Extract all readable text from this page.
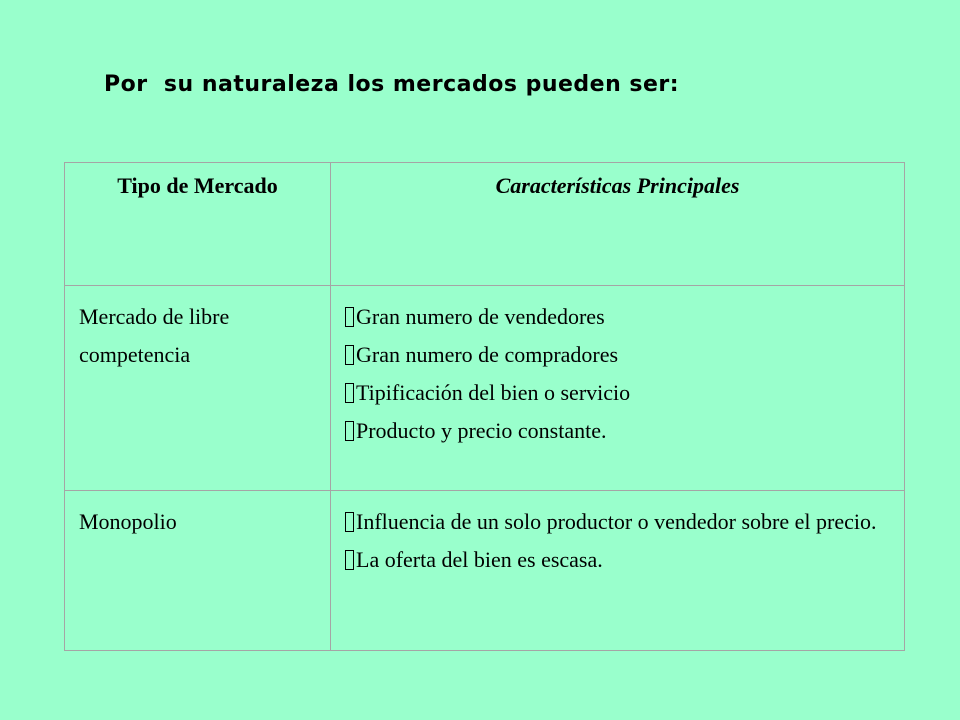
Por  su naturaleza los mercados pueden ser:

Tipo de Mercado	Características Principales
Mercado de libre competencia	Gran numero de vendedores
Gran numero de compradores
Tipificación del bien o servicio
Producto y precio constante.

Monopolio	Influencia de un solo productor o vendedor sobre el precio.
La oferta del bien es escasa.
